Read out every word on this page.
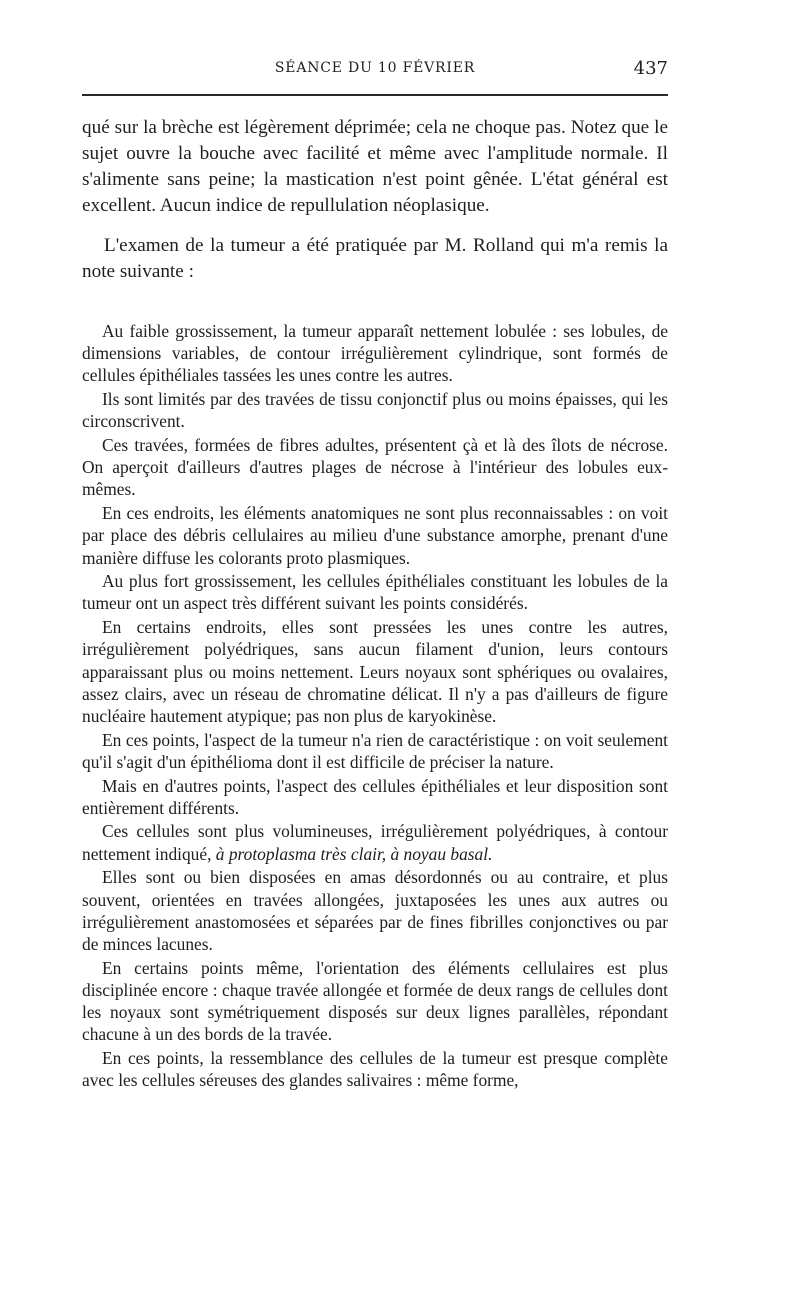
SÉANCE DU 10 FÉVRIER	437

qué sur la brèche est légèrement déprimée; cela ne choque pas. Notez que le sujet ouvre la bouche avec facilité et même avec l'amplitude normale. Il s'alimente sans peine; la mastication n'est point gênée. L'état général est excellent. Aucun indice de repullulation néoplasique.

L'examen de la tumeur a été pratiquée par M. Rolland qui m'a remis la note suivante :

Au faible grossissement, la tumeur apparaît nettement lobulée : ses lobules, de dimensions variables, de contour irrégulièrement cylindrique, sont formés de cellules épithéliales tassées les unes contre les autres.

Ils sont limités par des travées de tissu conjonctif plus ou moins épaisses, qui les circonscrivent.

Ces travées, formées de fibres adultes, présentent çà et là des îlots de nécrose. On aperçoit d'ailleurs d'autres plages de nécrose à l'intérieur des lobules eux-mêmes.

En ces endroits, les éléments anatomiques ne sont plus reconnaissables : on voit par place des débris cellulaires au milieu d'une substance amorphe, prenant d'une manière diffuse les colorants proto plasmiques.

Au plus fort grossissement, les cellules épithéliales constituant les lobules de la tumeur ont un aspect très différent suivant les points considérés.

En certains endroits, elles sont pressées les unes contre les autres, irrégulièrement polyédriques, sans aucun filament d'union, leurs contours apparaissant plus ou moins nettement. Leurs noyaux sont sphériques ou ovalaires, assez clairs, avec un réseau de chromatine délicat. Il n'y a pas d'ailleurs de figure nucléaire hautement atypique; pas non plus de karyokinèse.

En ces points, l'aspect de la tumeur n'a rien de caractéristique : on voit seulement qu'il s'agit d'un épithélioma dont il est difficile de préciser la nature.

Mais en d'autres points, l'aspect des cellules épithéliales et leur disposition sont entièrement différents.

Ces cellules sont plus volumineuses, irrégulièrement polyédriques, à contour nettement indiqué, à protoplasma très clair, à noyau basal.

Elles sont ou bien disposées en amas désordonnés ou au contraire, et plus souvent, orientées en travées allongées, juxtaposées les unes aux autres ou irrégulièrement anastomosées et séparées par de fines fibrilles conjonctives ou par de minces lacunes.

En certains points même, l'orientation des éléments cellulaires est plus disciplinée encore : chaque travée allongée et formée de deux rangs de cellules dont les noyaux sont symétriquement disposés sur deux lignes parallèles, répondant chacune à un des bords de la travée.

En ces points, la ressemblance des cellules de la tumeur est presque complète avec les cellules séreuses des glandes salivaires : même forme,
